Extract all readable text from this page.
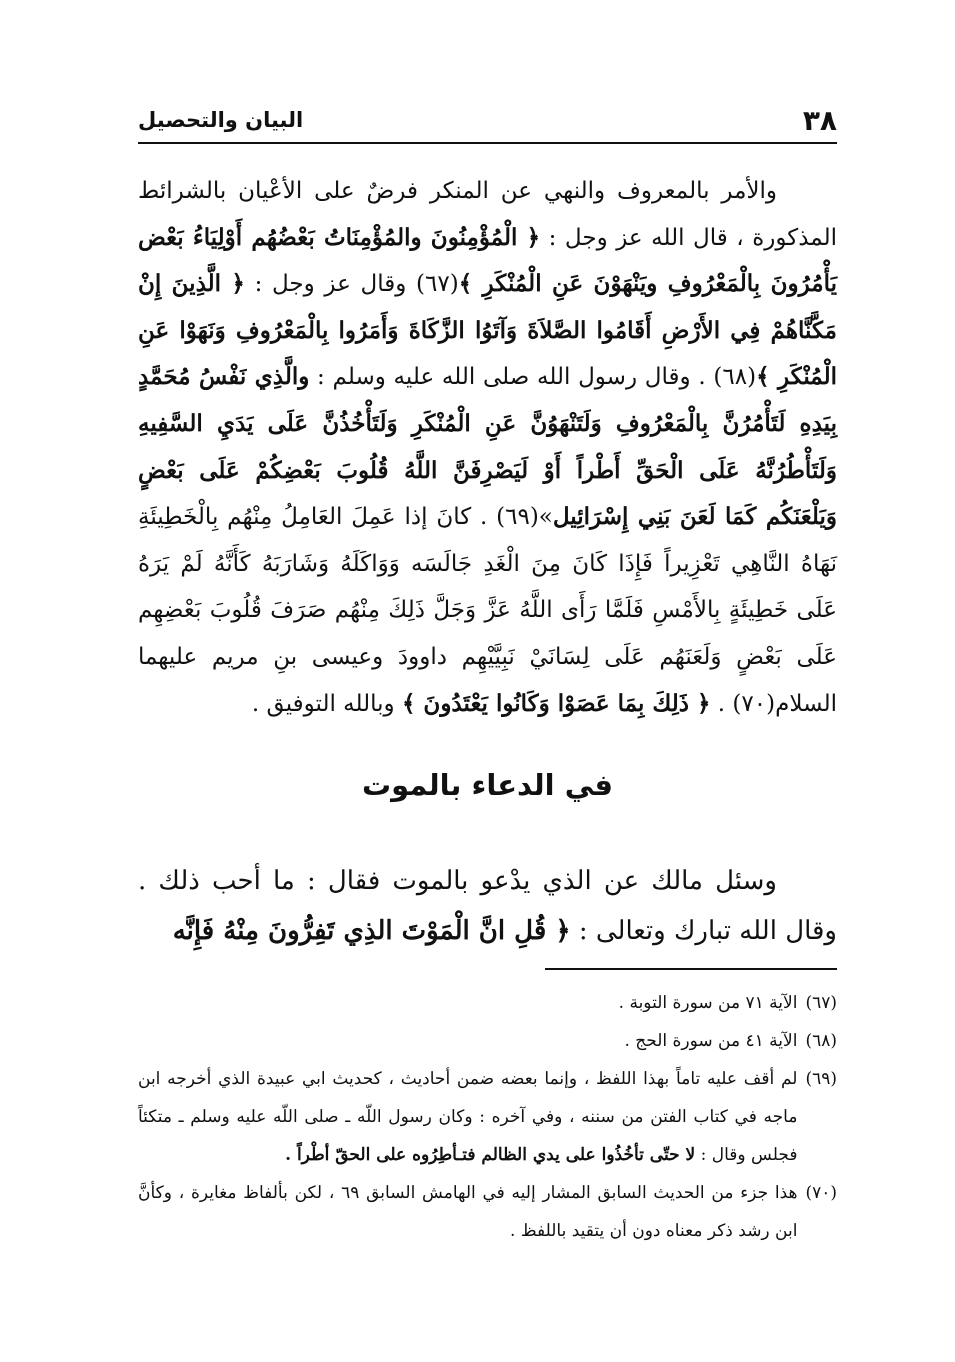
٣٨
البيان والتحصيل

والأمر بالمعروف والنهي عن المنكر فرضٌ على الأعْيان بالشرائط المذكورة ، قال الله عز وجل : ﴿ الْمُؤْمِنُونَ والمُؤْمِنَاتُ بَعْضُهُم أَوْلِيَاءُ بَعْض يَأْمُرُونَ بِالْمَعْرُوفِ ويَنْهَوْنَ عَنِ الْمُنْكَرِ ﴾(٦٧) وقال عز وجل : ﴿ الَّذِينَ إِنْ مَكَّنَّاهُمْ فِي الأَرْضِ أَقَامُوا الصَّلاَةَ وَآتَوُا الزَّكَاةَ وَأَمَرُوا بِالْمَعْرُوفِ وَنَهَوْا عَنِ الْمُنْكَرِ ﴾(٦٨) . وقال رسول الله صلى الله عليه وسلم : والَّذِي نَفْسُ مُحَمَّدٍ بِيَدِهِ لَتَأْمُرُنَّ بِالْمَعْرُوفِ وَلَتَنْهَوُنَّ عَنِ الْمُنْكَرِ وَلَتَأْخُذُنَّ عَلَى يَدَيِ السَّفِيهِ وَلَتَأْطُرُنَّهُ عَلَى الْحَقِّ أَطْراً أَوْ لَيَصْرِفَنَّ اللَّهُ قُلُوبَ بَعْضِكُمْ عَلَى بَعْضٍ وَيَلْعَنَكُم كَمَا لَعَنَ بَنِي إِسْرَائِيل»(٦٩) . كانَ إذا عَمِلَ العَامِلُ مِنْهُم بِالْخَطِيئَةِ نَهَاهُ النَّاهِي تَعْزِيراً فَإِذَا كَانَ مِنَ الْغَدِ جَالَسَه وَوَاكَلَهُ وَشَارَبَهُ كَأَنَّهُ لَمْ يَرَهُ عَلَى خَطِيئَةٍ بِالأَمْسِ فَلَمَّا رَأَى اللَّهُ عَزَّ وَجَلَّ ذَلِكَ مِنْهُم صَرَفَ قُلُوبَ بَعْضِهِم عَلَى بَعْضٍ وَلَعَنَهُم عَلَى لِسَانَيْ نَبِيَّيْهِم داوودَ وعيسى بنِ مريم عليهما السلام(٧٠) . ﴿ ذَلِكَ بِمَا عَصَوْا وَكَانُوا يَعْتَدُونَ ﴾ وبالله التوفيق .

في الدعاء بالموت

وسئل مالك عن الذي يدْعو بالموت فقال : ما أحب ذلك . وقال الله تبارك وتعالى : ﴿ قُلِ انَّ الْمَوْتَ الذِي تَفِرُّونَ مِنْهُ فَإِنَّه

(٦٧)
الآية ٧١ من سورة التوبة .
(٦٨)
الآية ٤١ من سورة الحج .
(٦٩)
لم أقف عليه تاماً بهذا اللفظ ، وإنما بعضه ضمن أحاديث ، كحديث ابي عبيدة الذي أخرجه ابن ماجه في كتاب الفتن من سننه ، وفي آخره : وكان رسول اللّه ـ صلى اللّه عليه وسلم ـ متكئاً فجلس وقال : لا حتّى تأخُذُوا على يدي الظالم فتـأطِرُوه على الحقّ أطْراً .
(٧٠)
هذا جزء من الحديث السابق المشار إليه في الهامش السابق ٦٩ ، لكن بألفاظ مغايرة ، وكأنَّ ابن رشد ذكر معناه دون أن يتقيد باللفظ .
